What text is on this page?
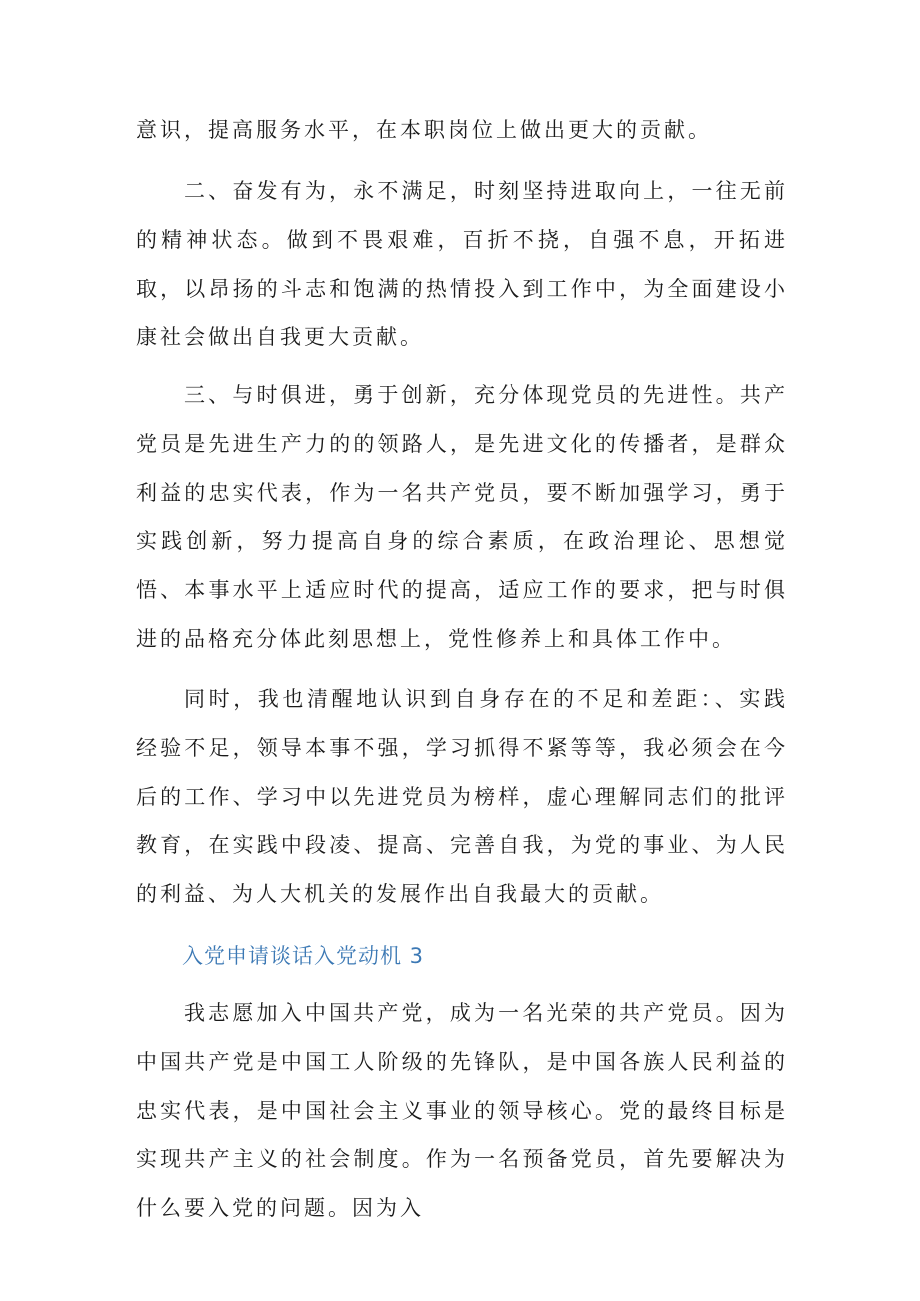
意识，提高服务水平，在本职岗位上做出更大的贡献。

二、奋发有为，永不满足，时刻坚持进取向上，一往无前的精神状态。做到不畏艰难，百折不挠，自强不息，开拓进取，以昂扬的斗志和饱满的热情投入到工作中，为全面建设小康社会做出自我更大贡献。

三、与时俱进，勇于创新，充分体现党员的先进性。共产党员是先进生产力的的领路人，是先进文化的传播者，是群众利益的忠实代表，作为一名共产党员，要不断加强学习，勇于实践创新，努力提高自身的综合素质，在政治理论、思想觉悟、本事水平上适应时代的提高，适应工作的要求，把与时俱进的品格充分体此刻思想上，党性修养上和具体工作中。

同时，我也清醒地认识到自身存在的不足和差距：、实践经验不足，领导本事不强，学习抓得不紧等等，我必须会在今后的工作、学习中以先进党员为榜样，虚心理解同志们的批评教育，在实践中段凌、提高、完善自我，为党的事业、为人民的利益、为人大机关的发展作出自我最大的贡献。

入党申请谈话入党动机 3

我志愿加入中国共产党，成为一名光荣的共产党员。因为中国共产党是中国工人阶级的先锋队，是中国各族人民利益的忠实代表，是中国社会主义事业的领导核心。党的最终目标是实现共产主义的社会制度。作为一名预备党员，首先要解决为什么要入党的问题。因为入
